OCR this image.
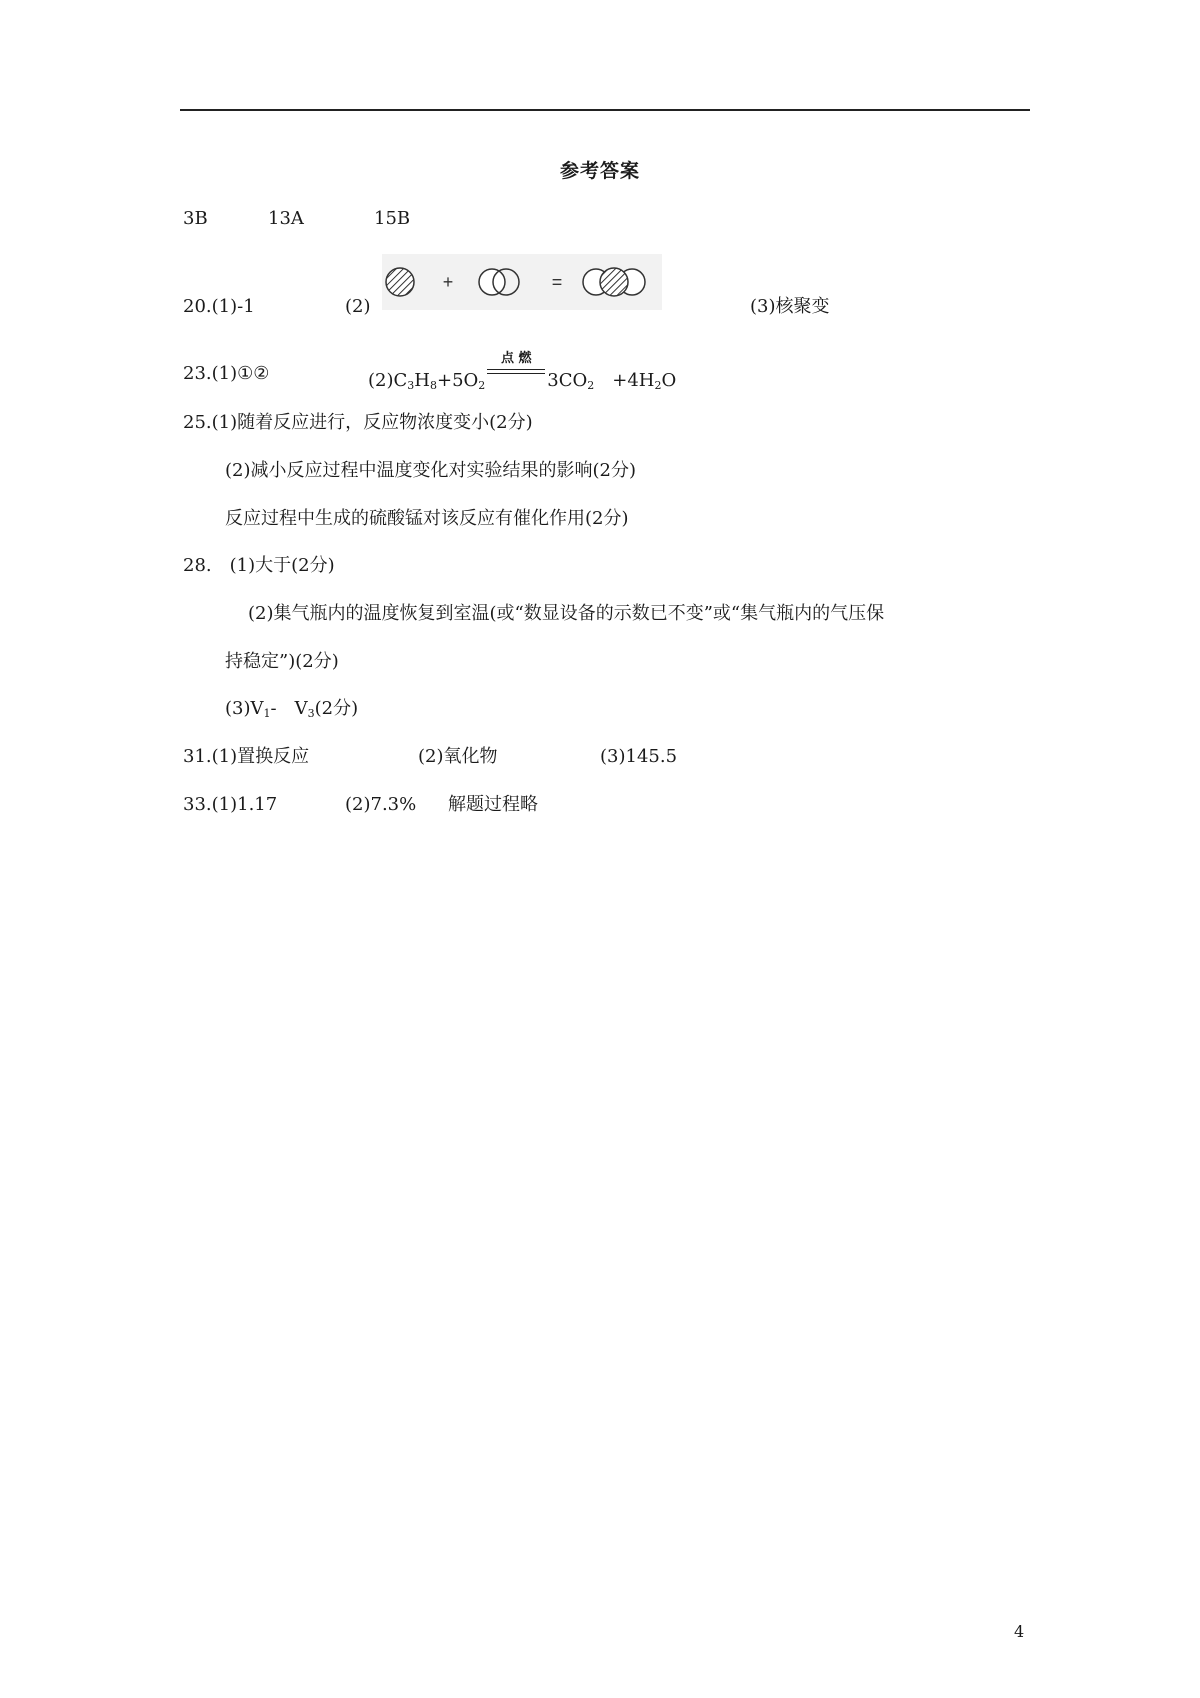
参考答案
3B	13A	15B
20.(1)-1	(2)
+	=
(3)核聚变
23.(1)①②	$(2)C_3H_8+5O_2$
点 燃
$3CO_2$  $+4H_2O$
25.(1)随着反应进行，反应物浓度变小(2分)
(2)减小反应过程中温度变化对实验结果的影响(2分)
反应过程中生成的硫酸锰对该反应有催化作用(2分)
28.　(1)大于(2分)
(2)集气瓶内的温度恢复到室温(或“数显设备的示数已不变”或“集气瓶内的气压保
持稳定”)(2分)
$(3)V_1-$　$V_3(2$分)
31.(1)置换反应	(2)氧化物	(3)145.5
33.(1)1.17	(2)7.3% 解题过程略
4
